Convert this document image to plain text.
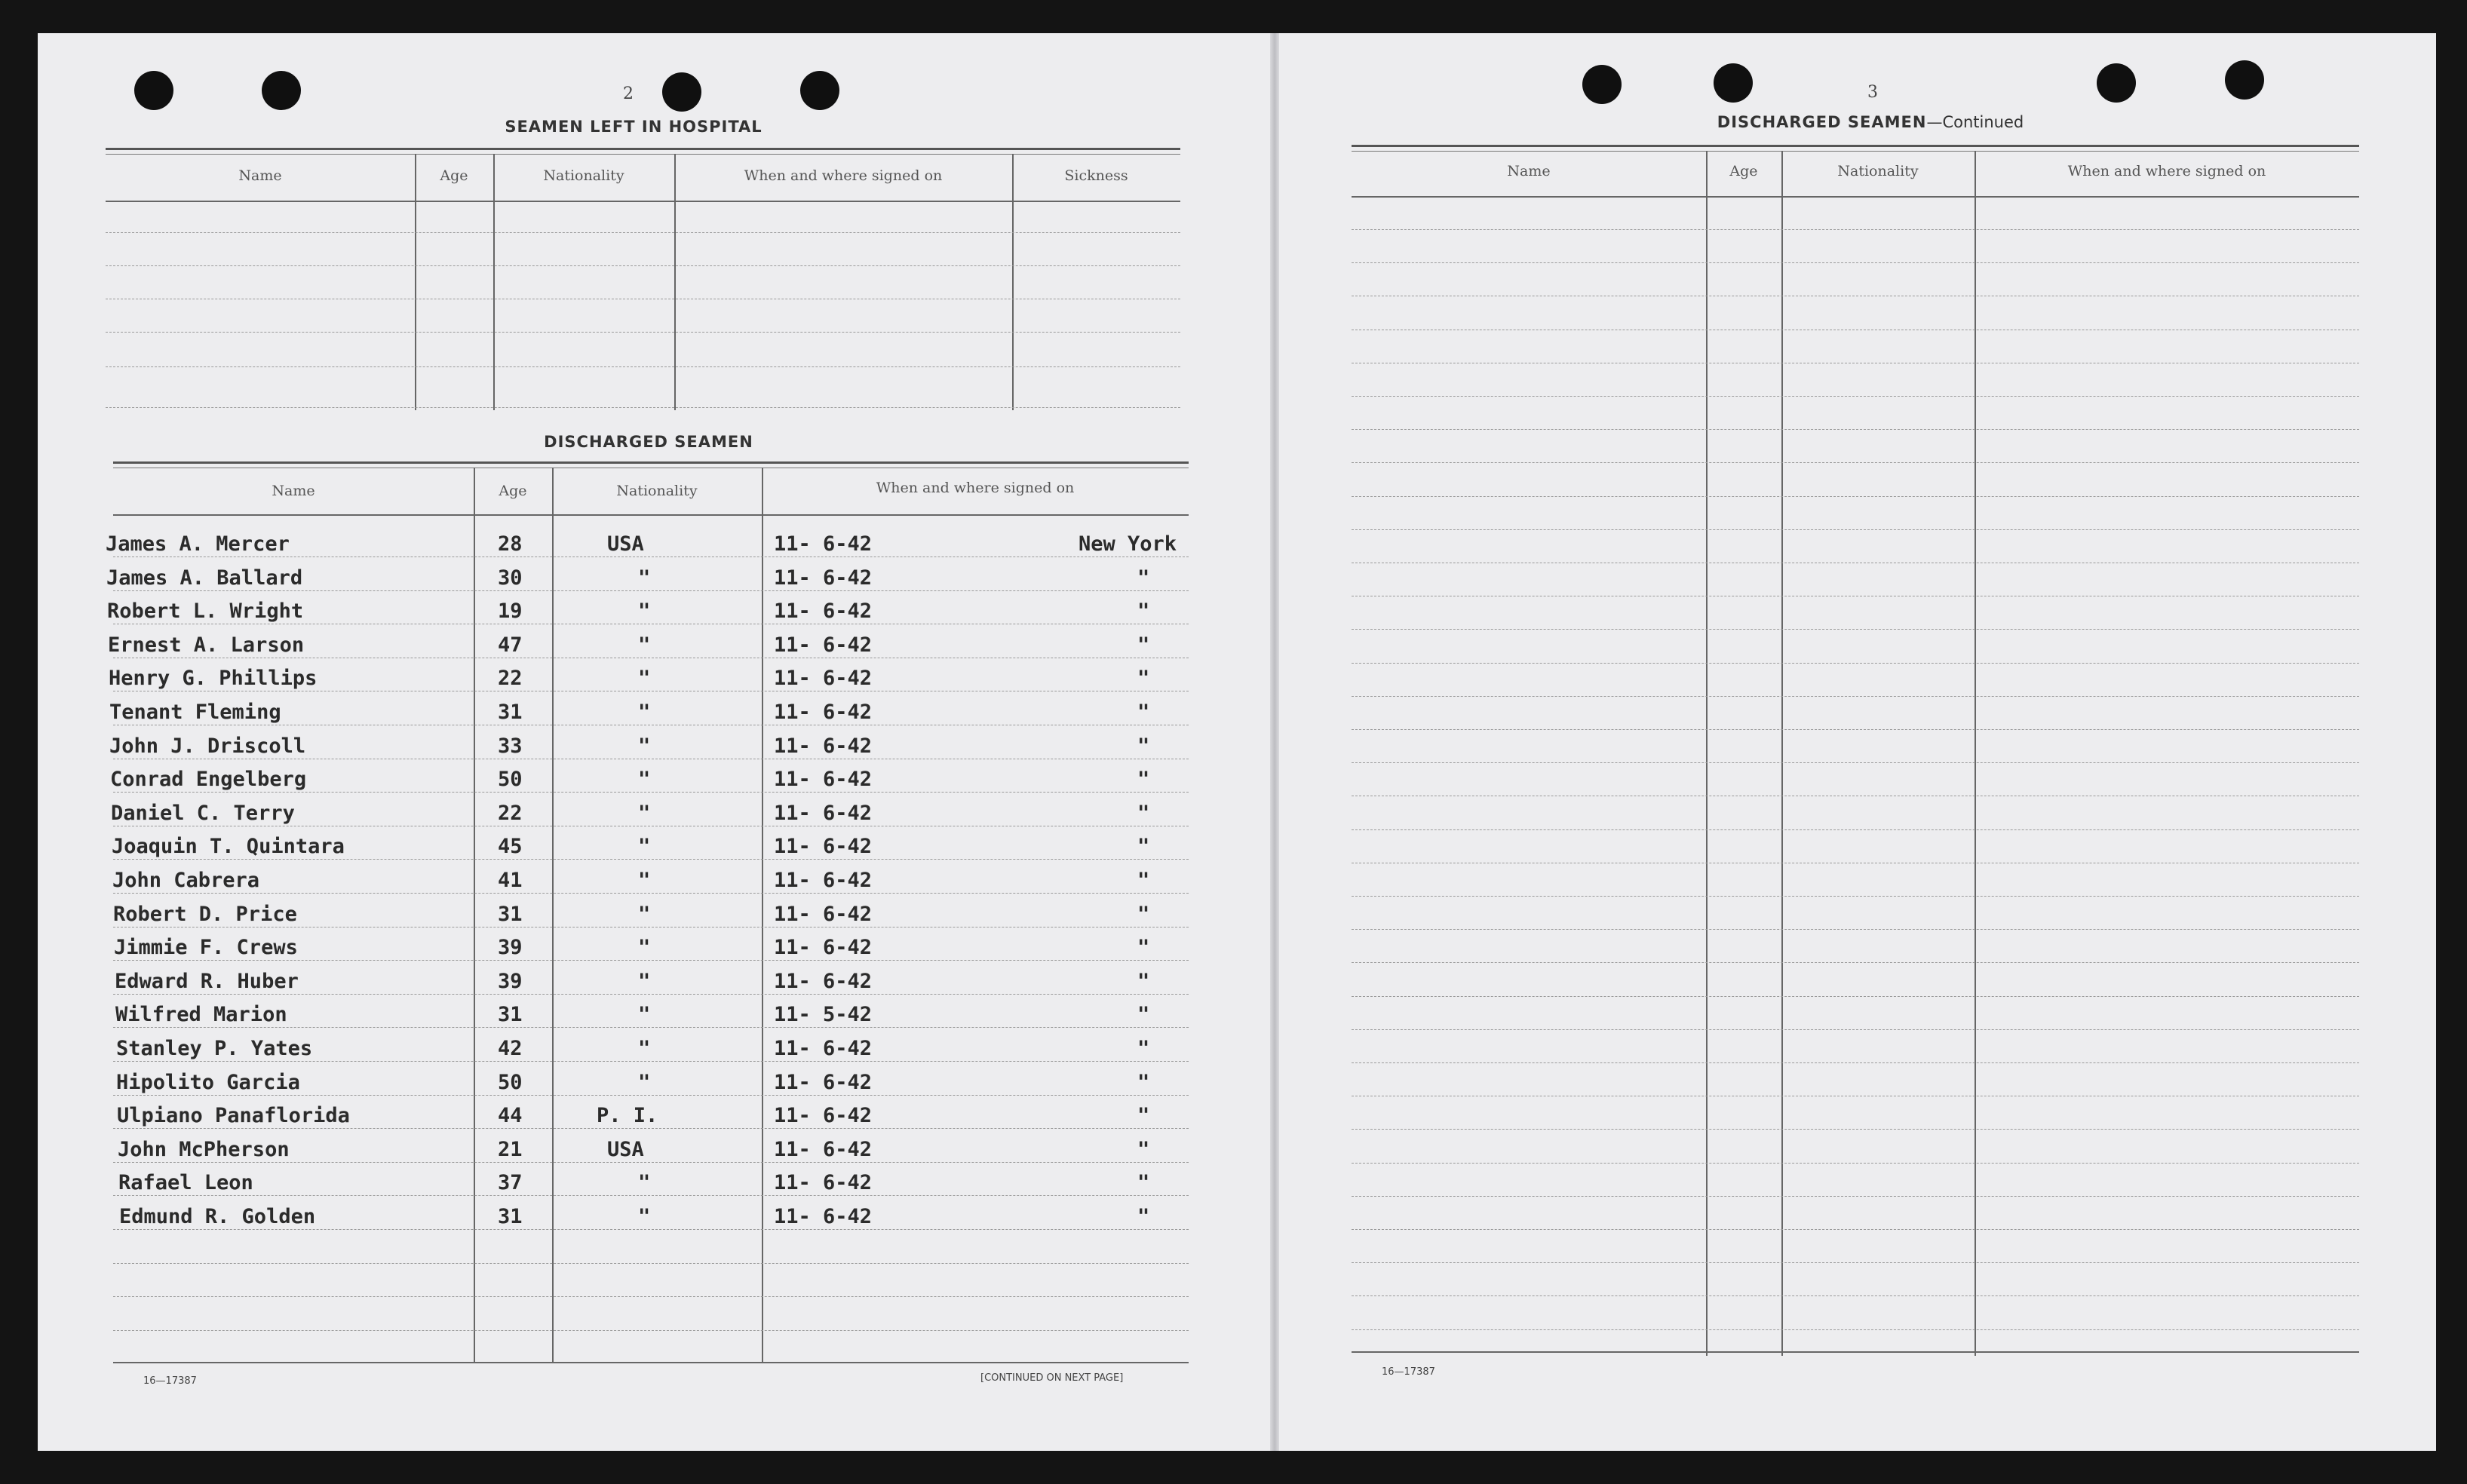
2	3
SEAMEN LEFT IN HOSPITAL
Name	Age	Nationality	When and where signed on	Sickness
DISCHARGED SEAMEN
Name	Age	Nationality	When and where signed on
James A. Mercer	28	USA	11- 6-42	New York
James A. Ballard	30	"	11- 6-42	"
Robert L. Wright	19	"	11- 6-42	"
Ernest A. Larson	47	"	11- 6-42	"
Henry G. Phillips	22	"	11- 6-42	"
Tenant Fleming	31	"	11- 6-42	"
John J. Driscoll	33	"	11- 6-42	"
Conrad Engelberg	50	"	11- 6-42	"
Daniel C. Terry	22	"	11- 6-42	"
Joaquin T. Quintara	45	"	11- 6-42	"
John Cabrera	41	"	11- 6-42	"
Robert D. Price	31	"	11- 6-42	"
Jimmie F. Crews	39	"	11- 6-42	"
Edward R. Huber	39	"	11- 6-42	"
Wilfred Marion	31	"	11- 5-42	"
Stanley P. Yates	42	"	11- 6-42	"
Hipolito Garcia	50	"	11- 6-42	"
Ulpiano Panaflorida	44	P. I.	11- 6-42	"
John McPherson	21	USA	11- 6-42	"
Rafael Leon	37	"	11- 6-42	"
Edmund R. Golden	31	"	11- 6-42	"
16—17387	[CONTINUED ON NEXT PAGE]
DISCHARGED SEAMEN—Continued
Name	Age	Nationality	When and where signed on
16—17387
